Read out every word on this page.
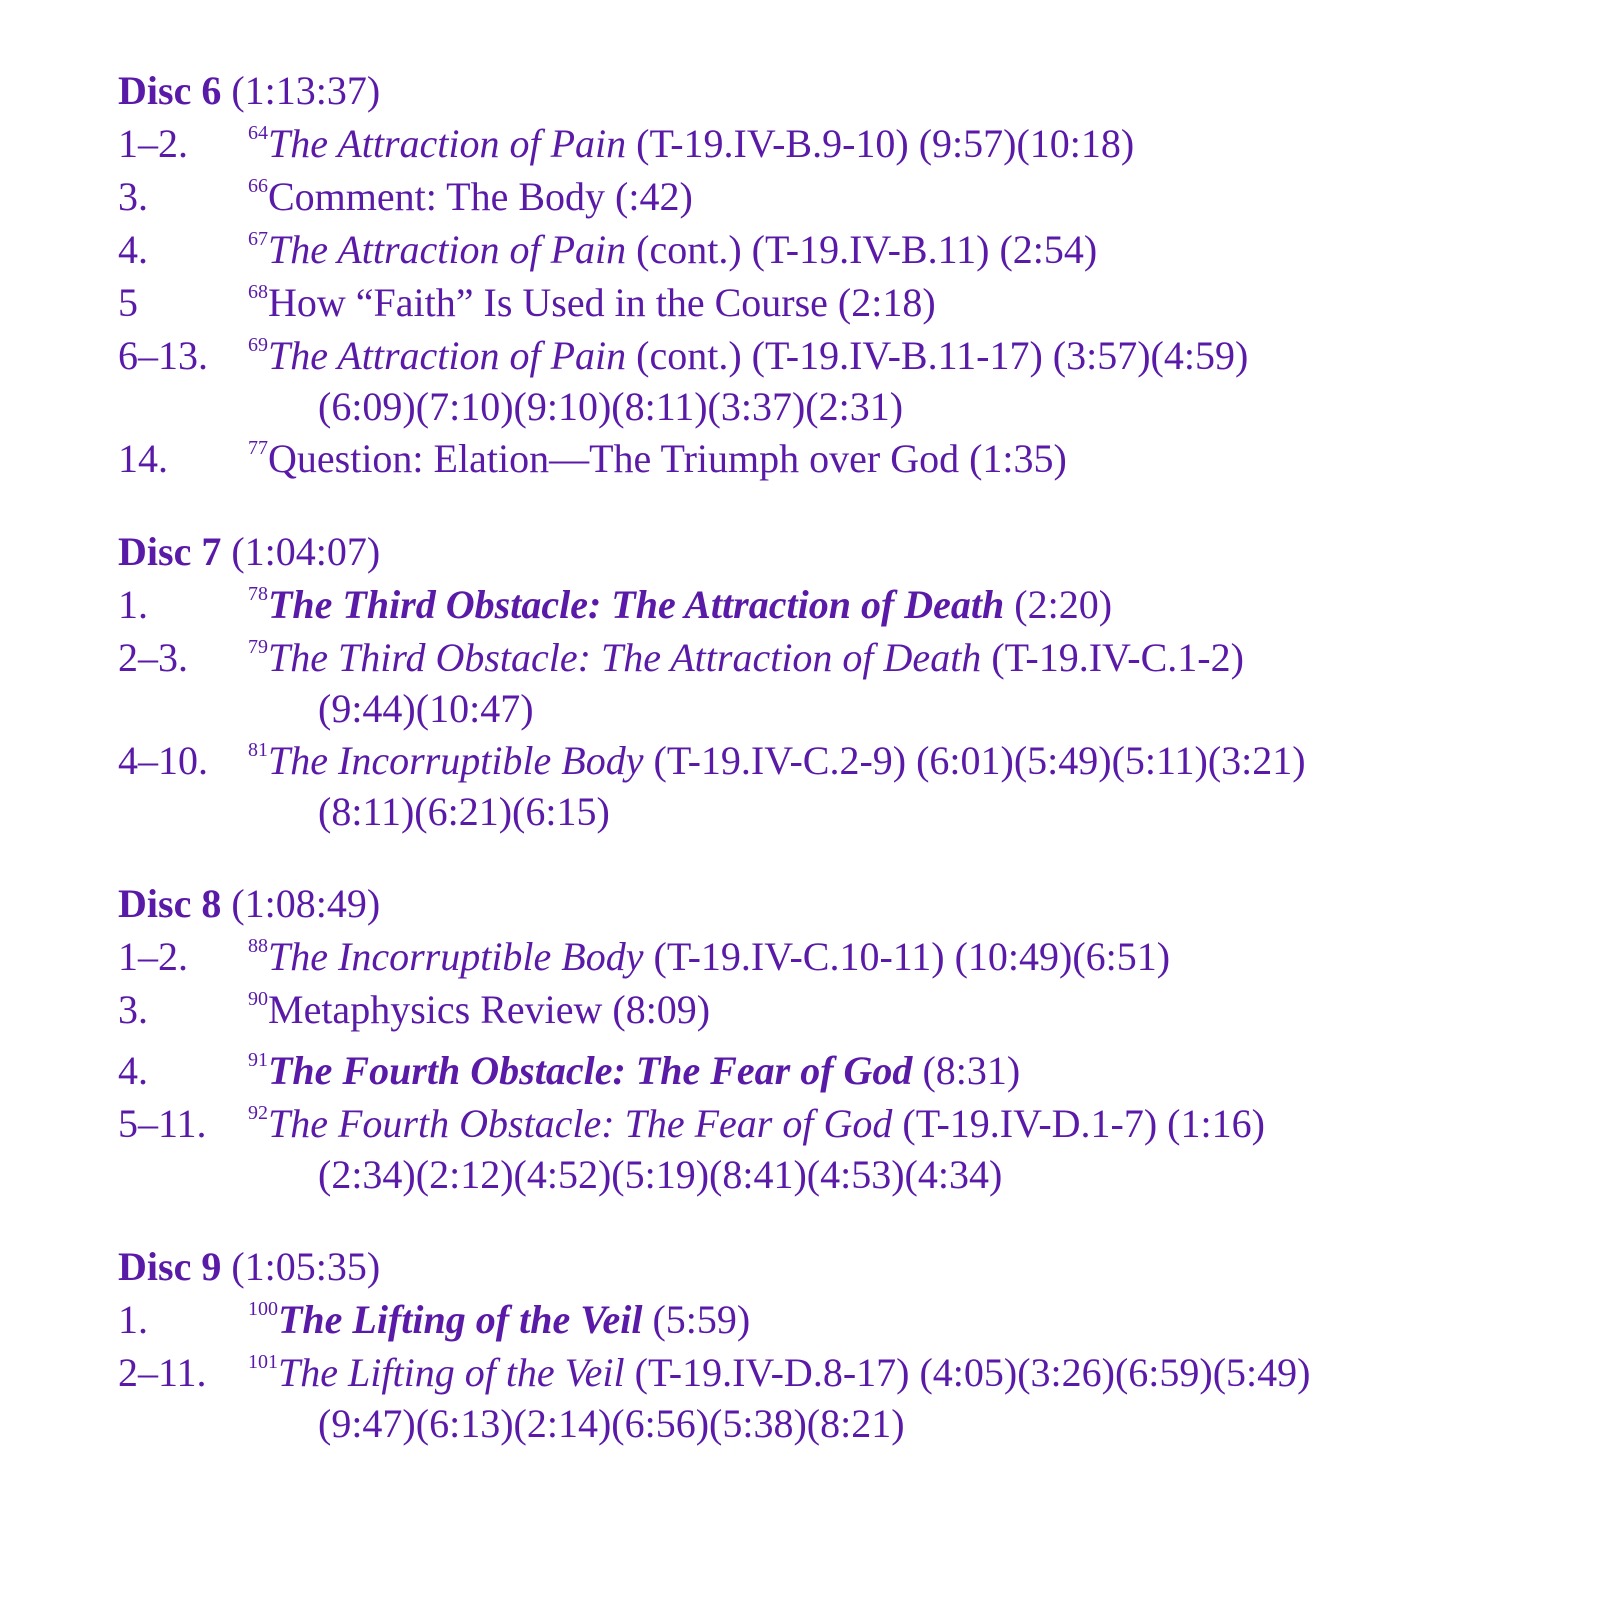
Disc 6 (1:13:37)
1–2.	$^{64}$The Attraction of Pain (T-19.IV-B.9-10) (9:57)(10:18)
3.	$^{66}$Comment: The Body (:42)
4.	$^{67}$The Attraction of Pain (cont.) (T-19.IV-B.11) (2:54)
5	$^{68}$How “Faith” Is Used in the Course (2:18)
6–13. $^{69}$The Attraction of Pain (cont.) (T-19.IV-B.11-17) (3:57)(4:59)
(6:09)(7:10)(9:10)(8:11)(3:37)(2:31)
14.	$^{77}$Question: Elation—The Triumph over God (1:35)
Disc 7 (1:04:07)
1.	$^{78}$The Third Obstacle: The Attraction of Death (2:20)
2–3.	$^{79}$The Third Obstacle: The Attraction of Death (T-19.IV-C.1-2)
(9:44)(10:47)
4–10. $^{81}$The Incorruptible Body (T-19.IV-C.2-9) (6:01)(5:49)(5:11)(3:21)
(8:11)(6:21)(6:15)
Disc 8 (1:08:49)
1–2.	$^{88}$The Incorruptible Body (T-19.IV-C.10-11) (10:49)(6:51)
3.	$^{90}$Metaphysics Review (8:09)
4.	$^{91}$The Fourth Obstacle: The Fear of God (8:31)
5–11. $^{92}$The Fourth Obstacle: The Fear of God (T-19.IV-D.1-7) (1:16)
(2:34)(2:12)(4:52)(5:19)(8:41)(4:53)(4:34)
Disc 9 (1:05:35)
1.	$^{100}$The Lifting of the Veil (5:59)
2–11. $^{101}$The Lifting of the Veil (T-19.IV-D.8-17) (4:05)(3:26)(6:59)(5:49)
(9:47)(6:13)(2:14)(6:56)(5:38)(8:21)
